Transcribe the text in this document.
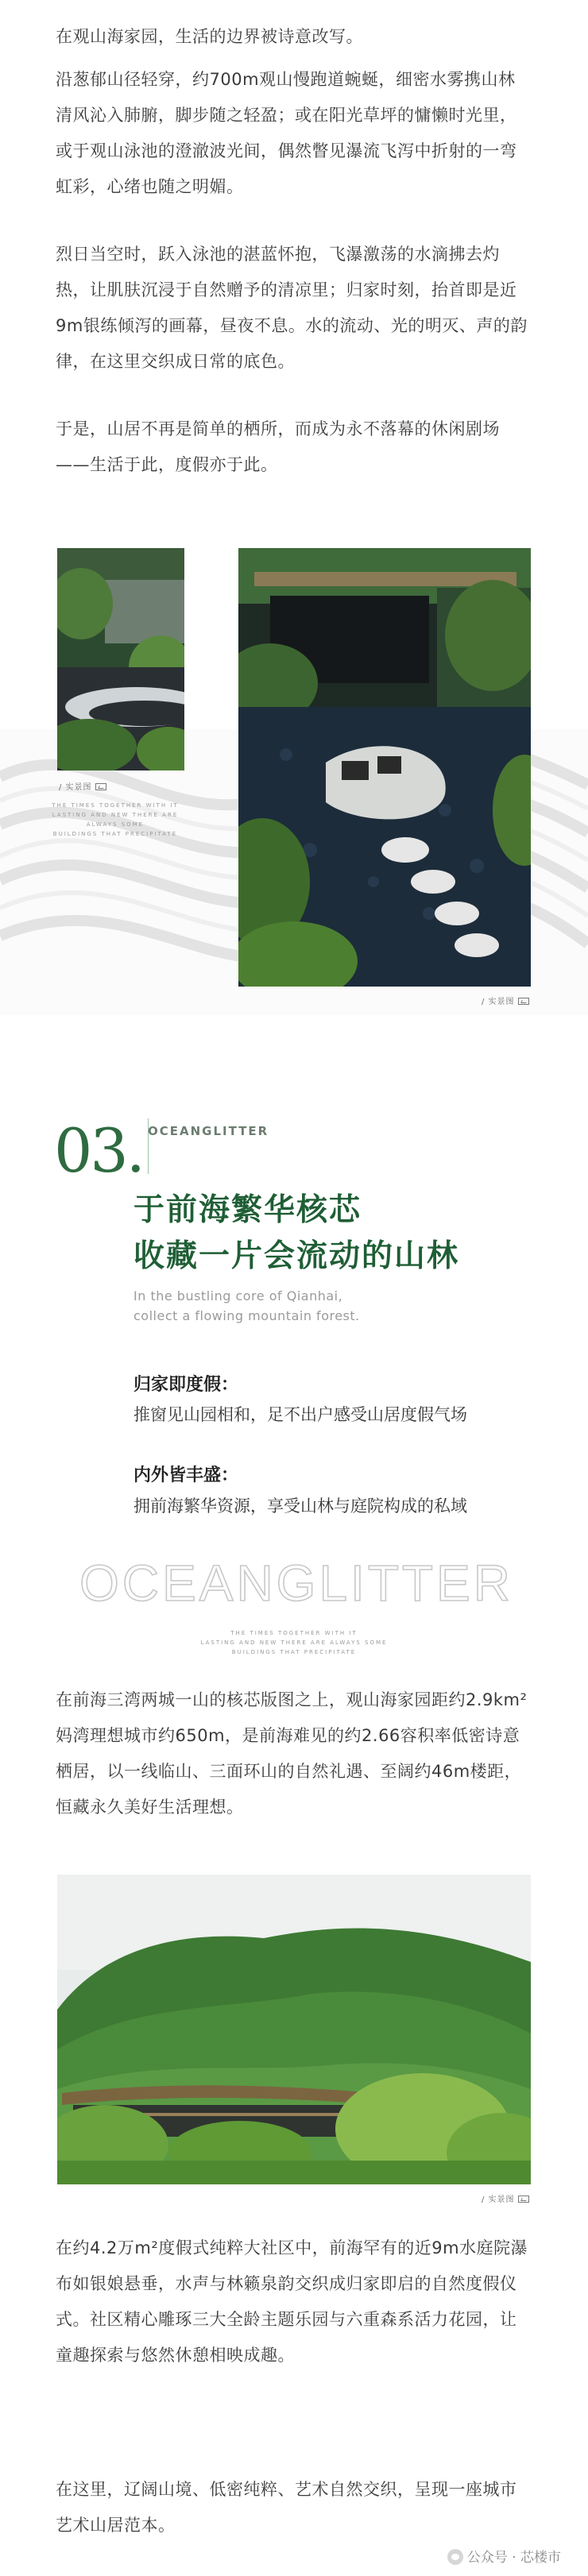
在观山海家园，生活的边界被诗意改写。

沿葱郁山径轻穿，约700m观山慢跑道蜿蜒，细密水雾携山林清风沁入肺腑，脚步随之轻盈；或在阳光草坪的慵懒时光里，或于观山泳池的澄澈波光间，偶然瞥见瀑流飞泻中折射的一弯虹彩，心绪也随之明媚。

烈日当空时，跃入泳池的湛蓝怀抱，飞瀑激荡的水滴拂去灼热，让肌肤沉浸于自然赠予的清凉里；归家时刻，抬首即是近9m银练倾泻的画幕，昼夜不息。水的流动、光的明灭、声的韵律，在这里交织成日常的底色。

于是，山居不再是简单的栖所，而成为永不落幕的休闲剧场——生活于此，度假亦于此。

/ 实景图
THE TIMES TOGETHER WITH IT
LASTING AND NEW THERE ARE ALWAYS SOME
BUILDINGS THAT PRECIPITATE
/ 实景图
03. OCEANGLITTER
于前海繁华核芯
收藏一片会流动的山林
In the bustling core of Qianhai,
collect a flowing mountain forest.
归家即度假：
推窗见山园相和，足不出户感受山居度假气场
内外皆丰盛：
拥前海繁华资源，享受山林与庭院构成的私域
OCEANGLITTER
THE TIMES TOGETHER WITH IT
LASTING AND NEW THERE ARE ALWAYS SOME
BUILDINGS THAT PRECIPITATE

在前海三湾两城一山的核芯版图之上，观山海家园距约2.9km²妈湾理想城市约650m，是前海难见的约2.66容积率低密诗意栖居，以一线临山、三面环山的自然礼遇、至阔约46m楼距，恒藏永久美好生活理想。

/ 实景图

在约4.2万m²度假式纯粹大社区中，前海罕有的近9m水庭院瀑布如银娘悬垂，水声与林籁泉韵交织成归家即启的自然度假仪式。社区精心雕琢三大全龄主题乐园与六重森系活力花园，让童趣探索与悠然休憩相映成趣。

在这里，辽阔山境、低密纯粹、艺术自然交织，呈现一座城市艺术山居范本。

公众号 · 芯楼市
